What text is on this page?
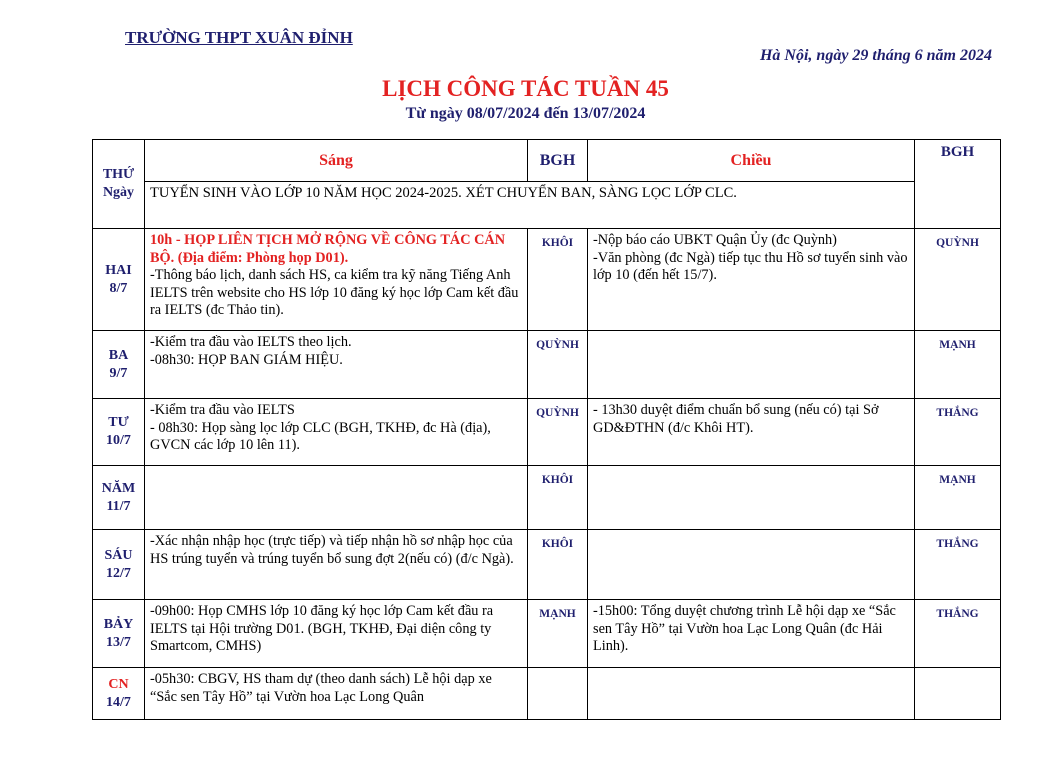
TRƯỜNG THPT XUÂN ĐỈNH
Hà Nội, ngày 29 tháng 6 năm 2024
LỊCH CÔNG TÁC TUẦN 45
Từ ngày 08/07/2024 đến 13/07/2024
THỨ
Ngày	Sáng	BGH	Chiều	BGH
	TUYỂN SINH VÀO LỚP 10 NĂM HỌC 2024-2025. XÉT CHUYỂN BAN, SÀNG LỌC LỚP CLC.			

HAI
8/7	10h - HỌP LIÊN TỊCH MỞ RỘNG VỀ CÔNG TÁC CÁN BỘ. (Địa điểm: Phòng họp D01).
-Thông báo lịch, danh sách HS, ca kiểm tra kỹ năng Tiếng Anh IELTS trên website cho HS lớp 10 đăng ký học lớp Cam kết đầu ra IELTS (đc Thảo tin).	KHÔI	-Nộp báo cáo UBKT Quận Ủy (đc Quỳnh)
-Văn phòng (đc Ngà) tiếp tục thu Hồ sơ tuyển sinh vào lớp 10 (đến hết 15/7).	QUỲNH

BA
9/7	-Kiểm tra đầu vào IELTS theo lịch.
-08h30: HỌP BAN GIÁM HIỆU.	QUỲNH		MẠNH

TƯ
10/7	-Kiểm tra đầu vào IELTS
- 08h30: Họp sàng lọc lớp CLC (BGH, TKHĐ, đc Hà (địa), GVCN các lớp 10 lên 11).	QUỲNH	- 13h30 duyệt điểm chuẩn bổ sung (nếu có) tại Sở GD&ĐTHN (đ/c Khôi HT).	THẮNG

NĂM
11/7		KHÔI		MẠNH

SÁU
12/7	-Xác nhận nhập học (trực tiếp) và tiếp nhận hồ sơ nhập học của HS trúng tuyển và trúng tuyển bổ sung đợt 2(nếu có) (đ/c Ngà).	KHÔI		THẮNG

BẢY
13/7	-09h00: Họp CMHS lớp 10 đăng ký học lớp Cam kết đầu ra IELTS tại Hội trường D01. (BGH, TKHĐ, Đại diện công ty Smartcom, CMHS)	MẠNH	-15h00: Tổng duyệt chương trình Lễ hội dạp xe “Sắc sen Tây Hồ” tại Vườn hoa Lạc Long Quân (đc Hải Linh).	THẮNG

CN
14/7	-05h30: CBGV, HS tham dự (theo danh sách) Lễ hội dạp xe “Sắc sen Tây Hồ” tại Vườn hoa Lạc Long Quân			
